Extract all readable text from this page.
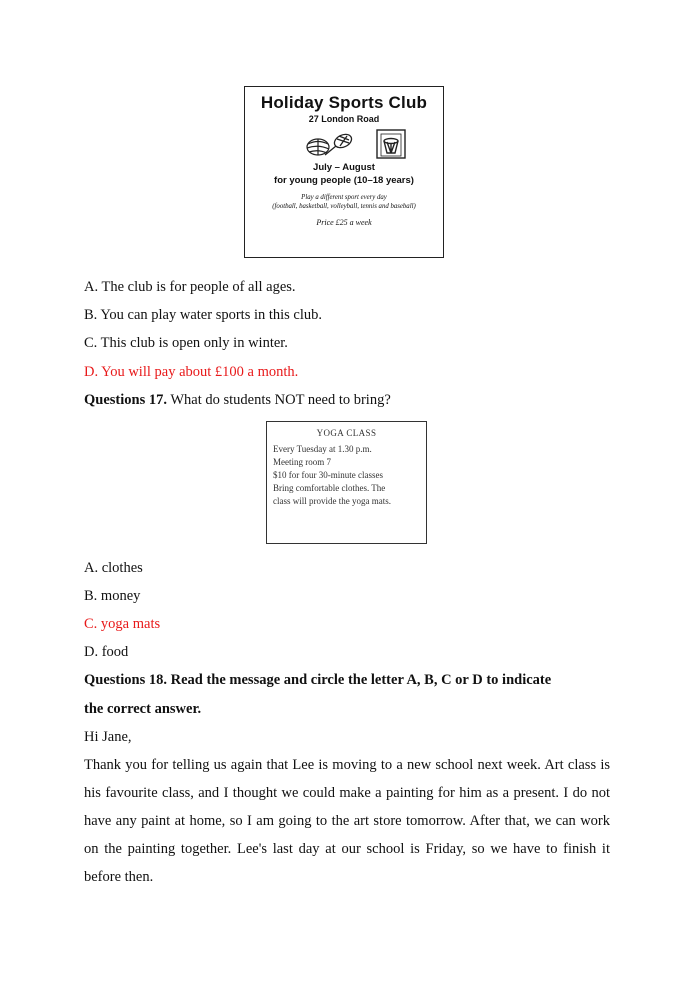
Holiday Sports Club
27 London Road
July – August
for young people (10–18 years)
Play a different sport every day
(football, basketball, volleyball, tennis and baseball)
Price £25 a week
A. The club is for people of all ages.
B. You can play water sports in this club.
C. This club is open only in winter.
D. You will pay about £100 a month.
Questions 17. What do students NOT need to bring?
YOGA CLASS
Every Tuesday at 1.30 p.m.
Meeting room 7
$10 for four 30-minute classes
Bring comfortable clothes. The
class will provide the yoga mats.
A. clothes
B. money
C. yoga mats
D. food
Questions 18. Read the message and circle the letter A, B, C or D to indicate
the correct answer.
Hi Jane,
Thank you for telling us again that Lee is moving to a new school next week. Art class is his favourite class, and I thought we could make a painting for him as a present. I do not have any paint at home, so I am going to the art store tomorrow. After that, we can work on the painting together. Lee's last day at our school is Friday, so we have to finish it before then.
